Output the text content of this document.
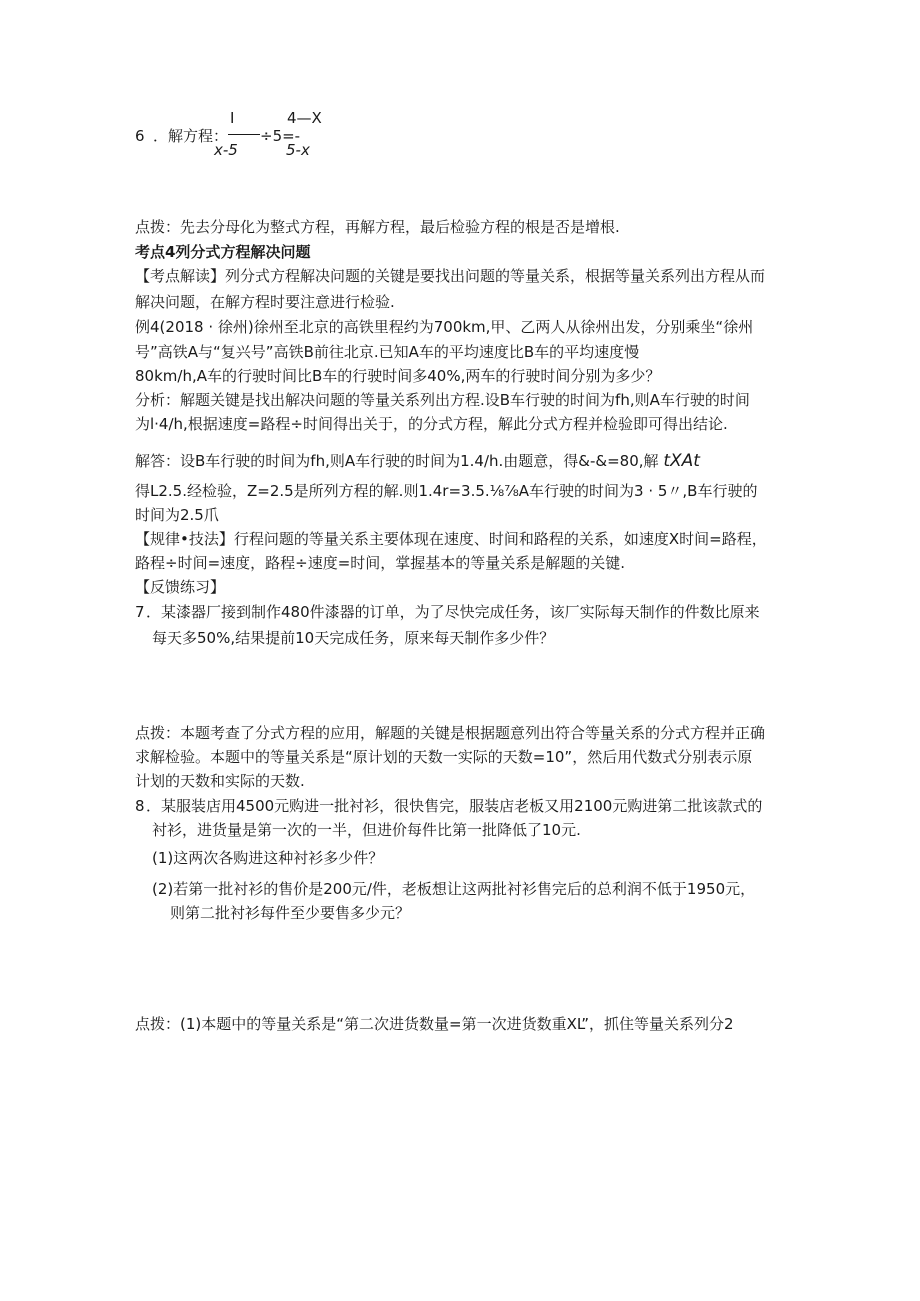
6 ．解方程：
I
x-5
÷5=-
4—X
5-x
点拨：先去分母化为整式方程，再解方程，最后检验方程的根是否是增根.
考点4列分式方程解决问题
【考点解读】列分式方程解决问题的关键是要找出问题的等量关系，根据等量关系列出方程从而
解决问题，在解方程时要注意进行检验.
例4(2018 · 徐州)徐州至北京的高铁里程约为700km,甲、乙两人从徐州出发，分别乘坐“徐州
号”高铁A与“复兴号”高铁B前往北京.已知A车的平均速度比B车的平均速度慢
80km/h,A车的行驶时间比B车的行驶时间多40%,两车的行驶时间分别为多少？
分析：解题关键是找出解决问题的等量关系列出方程.设B车行驶的时间为fh,则A车行驶的时间
为l·4∕h,根据速度=路程÷时间得出关于，的分式方程，解此分式方程并检验即可得出结论.
解答：设B车行驶的时间为fh,则A车行驶的时间为1.4∕h.由题意，得&-&=80,解 tXAt
得L2.5.经检验，Z=2.5是所列方程的解.则1.4r=3.5.⅛⅞A车行驶的时间为3 · 5〃,B车行驶的
时间为2.5爪
【规律•技法】行程问题的等量关系主要体现在速度、时间和路程的关系，如速度X时间=路程，
路程÷时间=速度，路程÷速度=时间，掌握基本的等量关系是解题的关键.
【反馈练习】
7 ．某漆器厂接到制作480件漆器的订单，为了尽快完成任务，该厂实际每天制作的件数比原来
每天多50%,结果提前10天完成任务，原来每天制作多少件？
点拨：本题考查了分式方程的应用，解题的关键是根据题意列出符合等量关系的分式方程并正确
求解检验。本题中的等量关系是“原计划的天数一实际的天数=10”，然后用代数式分别表示原
计划的天数和实际的天数.
8 ．某服装店用4500元购进一批衬衫，很快售完，服装店老板又用2100元购进第二批该款式的
衬衫，进货量是第一次的一半，但进价每件比第一批降低了10元.
(1)这两次各购进这种衬衫多少件？
(2)若第一批衬衫的售价是200元/件，老板想让这两批衬衫售完后的总利润不低于1950元，
则第二批衬衫每件至少要售多少元？
点拨：(1)本题中的等量关系是“第二次进货数量=第一次进货数重XL”，抓住等量关系列分2
